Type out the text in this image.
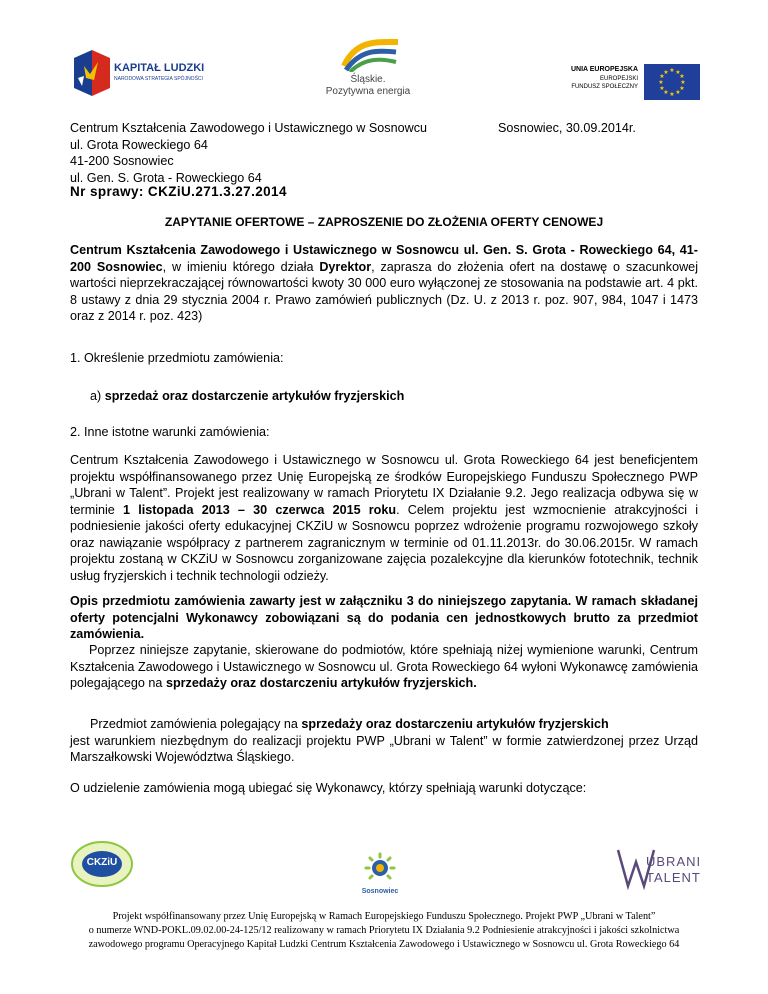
KAPITAŁ LUDZKI
NARODOWA STRATEGIA SPÓJNOŚCI	Śląskie.
Pozytywna energia
UNIA EUROPEJSKA
EUROPEJSKI
FUNDUSZ SPOŁECZNY
★ ★
★
★
★
★
★
★
★
★
★
★
Centrum Kształcenia Zawodowego i Ustawicznego w Sosnowcu
ul. Grota Roweckiego 64
41-200 Sosnowiec
ul. Gen. S. Grota - Roweckiego 64
Nr sprawy: CKZiU.271.3.27.2014
Sosnowiec, 30.09.2014r.
ZAPYTANIE OFERTOWE – ZAPROSZENIE DO ZŁOŻENIA OFERTY CENOWEJ
Centrum Kształcenia Zawodowego i Ustawicznego w Sosnowcu ul. Gen. S. Grota - Roweckiego 64, 41-200 Sosnowiec, w imieniu którego działa Dyrektor, zaprasza do złożenia ofert na dostawę o szacunkowej wartości nieprzekraczającej równowartości kwoty 30 000 euro wyłączonej ze stosowania na podstawie art. 4 pkt. 8 ustawy z dnia 29 stycznia 2004 r. Prawo zamówień publicznych (Dz. U. z 2013 r. poz. 907, 984, 1047 i 1473 oraz z 2014 r. poz. 423)
1. Określenie przedmiotu zamówienia:
a) sprzedaż oraz dostarczenie artykułów fryzjerskich
2. Inne istotne warunki zamówienia:
Centrum Kształcenia Zawodowego i Ustawicznego w Sosnowcu ul. Grota Roweckiego 64 jest beneficjentem projektu współfinansowanego przez Unię Europejską ze środków Europejskiego Funduszu Społecznego PWP „Ubrani w Talent”. Projekt jest realizowany w ramach Priorytetu IX Działanie 9.2. Jego realizacja odbywa się w terminie 1 listopada 2013 – 30 czerwca 2015 roku. Celem projektu jest wzmocnienie atrakcyjności i podniesienie jakości oferty edukacyjnej CKZiU w Sosnowcu poprzez wdrożenie programu rozwojowego szkoły oraz nawiązanie współpracy z partnerem zagranicznym w terminie od 01.11.2013r. do 30.06.2015r. W ramach projektu zostaną w CKZiU w Sosnowcu zorganizowane zajęcia pozalekcyjne dla kierunków fototechnik, technik usług fryzjerskich i technik technologii odzieży.
Opis przedmiotu zamówienia zawarty jest w załączniku 3 do niniejszego zapytania. W ramach składanej oferty potencjalni Wykonawcy zobowiązani są do podania cen jednostkowych brutto za przedmiot zamówienia.
Poprzez niniejsze zapytanie, skierowane do podmiotów, które spełniają niżej wymienione warunki, Centrum Kształcenia Zawodowego i Ustawicznego w Sosnowcu ul. Grota Roweckiego 64 wyłoni Wykonawcę zamówienia polegającego na sprzedaży oraz dostarczeniu artykułów fryzjerskich.
Przedmiot zamówienia polegający na sprzedaży oraz dostarczeniu artykułów fryzjerskich
jest warunkiem niezbędnym do realizacji projektu PWP „Ubrani w Talent” w formie zatwierdzonej przez Urząd Marszałkowski Województwa Śląskiego.
O udzielenie zamówienia mogą ubiegać się Wykonawcy, którzy spełniają warunki dotyczące:
CKZiU
Sosnowiec
UBRANI
TALENT
Projekt współfinansowany przez Unię Europejską w Ramach Europejskiego Funduszu Społecznego. Projekt PWP „Ubrani w Talent”
o numerze WND-POKL.09.02.00-24-125/12 realizowany w ramach Priorytetu IX Działania 9.2 Podniesienie atrakcyjności i jakości szkolnictwa
zawodowego programu Operacyjnego Kapitał Ludzki Centrum Kształcenia Zawodowego i Ustawicznego w Sosnowcu ul. Grota Roweckiego 64
